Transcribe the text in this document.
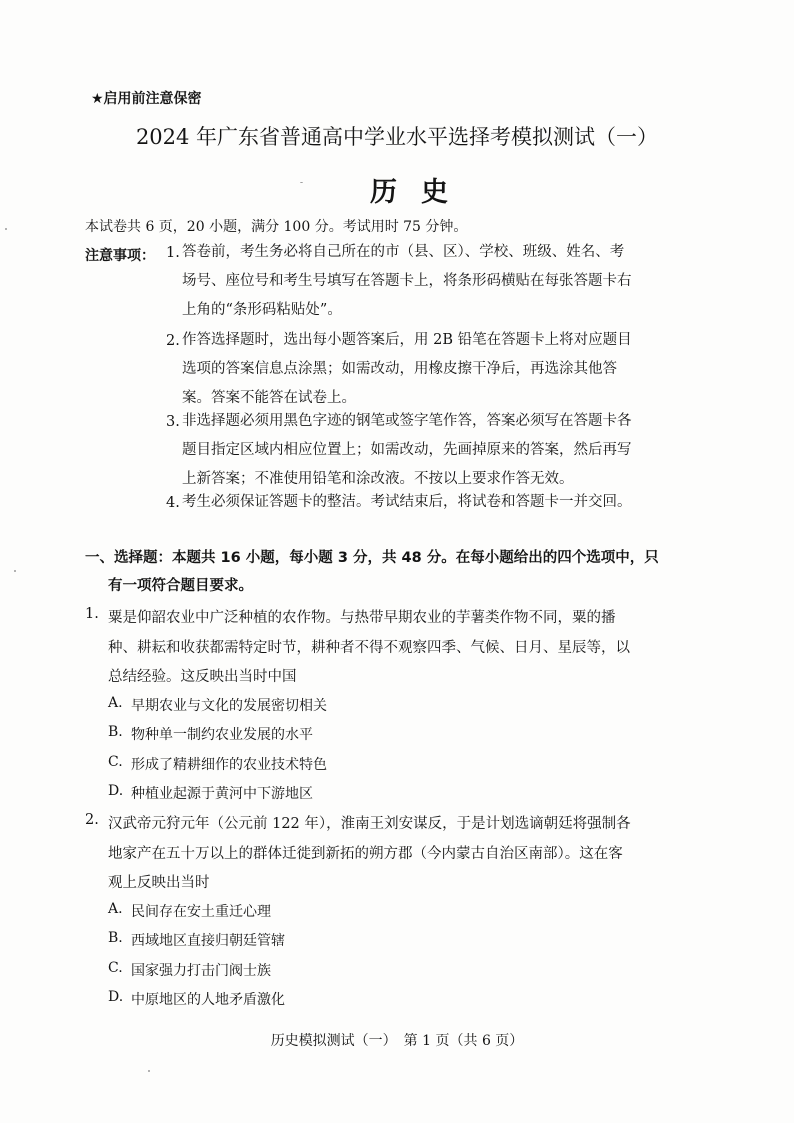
★启用前注意保密
2024 年广东省普通高中学业水平选择考模拟测试（一）
历史
本试卷共 6 页，20 小题，满分 100 分。考试用时 75 分钟。
注意事项： 1. 答卷前，考生务必将自己所在的市（县、区）、学校、班级、姓名、考
场号、座位号和考生号填写在答题卡上，将条形码横贴在每张答题卡右
上角的“条形码粘贴处”。
2. 作答选择题时，选出每小题答案后，用 2B 铅笔在答题卡上将对应题目
选项的答案信息点涂黑；如需改动，用橡皮擦干净后，再选涂其他答
案。答案不能答在试卷上。
3. 非选择题必须用黑色字迹的钢笔或签字笔作答，答案必须写在答题卡各
题目指定区域内相应位置上；如需改动，先画掉原来的答案，然后再写
上新答案；不准使用铅笔和涂改液。不按以上要求作答无效。
4. 考生必须保证答题卡的整洁。考试结束后，将试卷和答题卡一并交回。
一、选择题：本题共 16 小题，每小题 3 分，共 48 分。在每小题给出的四个选项中，只
有一项符合题目要求。
1. 粟是仰韶农业中广泛种植的农作物。与热带早期农业的芋薯类作物不同，粟的播
种、耕耘和收获都需特定时节，耕种者不得不观察四季、气候、日月、星辰等，以
总结经验。这反映出当时中国
A. 早期农业与文化的发展密切相关
B. 物种单一制约农业发展的水平
C. 形成了精耕细作的农业技术特色
D. 种植业起源于黄河中下游地区
2. 汉武帝元狩元年（公元前 122 年），淮南王刘安谋反，于是计划选谪朝廷将强制各
地家产在五十万以上的群体迁徙到新拓的朔方郡（今内蒙古自治区南部）。这在客
观上反映出当时
A. 民间存在安土重迁心理
B. 西域地区直接归朝廷管辖
C. 国家强力打击门阀士族
D. 中原地区的人地矛盾激化
历史模拟测试（一）　第 1 页（共 6 页）
